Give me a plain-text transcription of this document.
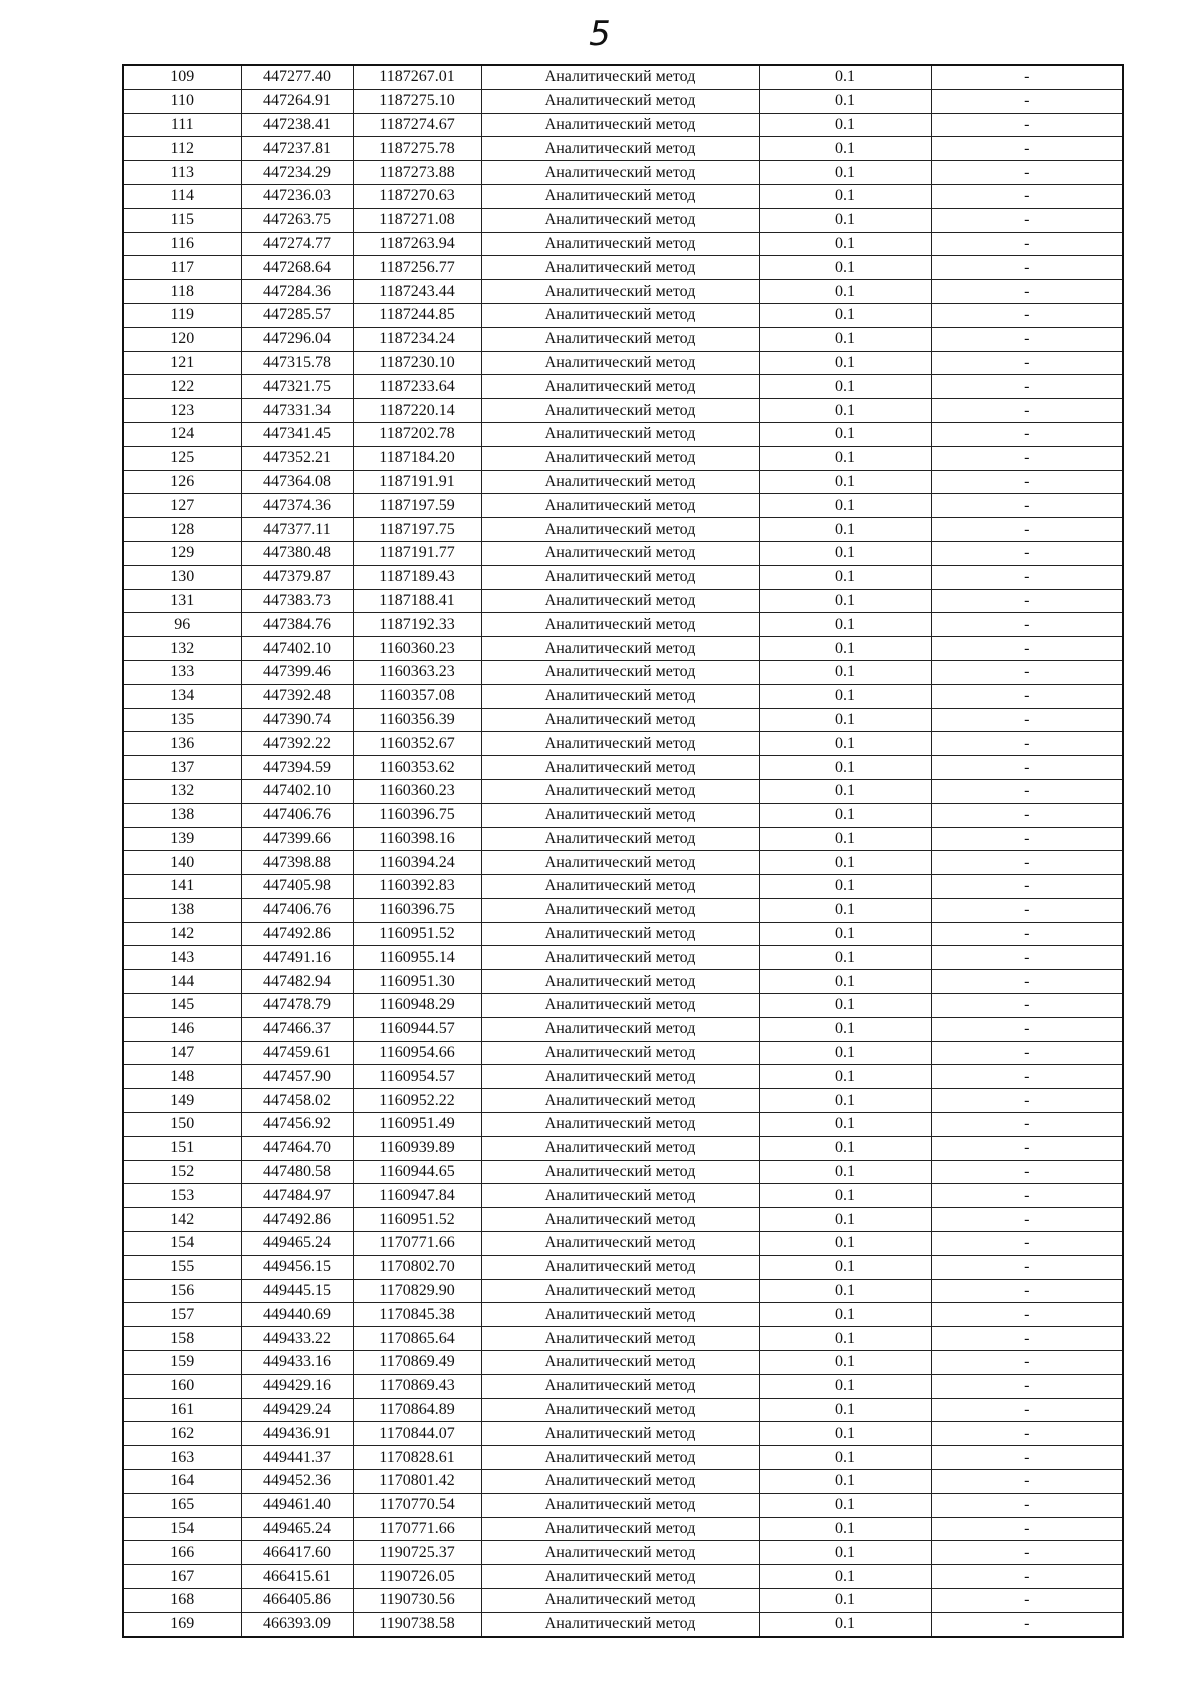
5
109	447277.40	1187267.01	Аналитический метод	0.1	-
110	447264.91	1187275.10	Аналитический метод	0.1	-
111	447238.41	1187274.67	Аналитический метод	0.1	-
112	447237.81	1187275.78	Аналитический метод	0.1	-
113	447234.29	1187273.88	Аналитический метод	0.1	-
114	447236.03	1187270.63	Аналитический метод	0.1	-
115	447263.75	1187271.08	Аналитический метод	0.1	-
116	447274.77	1187263.94	Аналитический метод	0.1	-
117	447268.64	1187256.77	Аналитический метод	0.1	-
118	447284.36	1187243.44	Аналитический метод	0.1	-
119	447285.57	1187244.85	Аналитический метод	0.1	-
120	447296.04	1187234.24	Аналитический метод	0.1	-
121	447315.78	1187230.10	Аналитический метод	0.1	-
122	447321.75	1187233.64	Аналитический метод	0.1	-
123	447331.34	1187220.14	Аналитический метод	0.1	-
124	447341.45	1187202.78	Аналитический метод	0.1	-
125	447352.21	1187184.20	Аналитический метод	0.1	-
126	447364.08	1187191.91	Аналитический метод	0.1	-
127	447374.36	1187197.59	Аналитический метод	0.1	-
128	447377.11	1187197.75	Аналитический метод	0.1	-
129	447380.48	1187191.77	Аналитический метод	0.1	-
130	447379.87	1187189.43	Аналитический метод	0.1	-
131	447383.73	1187188.41	Аналитический метод	0.1	-
96	447384.76	1187192.33	Аналитический метод	0.1	-
132	447402.10	1160360.23	Аналитический метод	0.1	-
133	447399.46	1160363.23	Аналитический метод	0.1	-
134	447392.48	1160357.08	Аналитический метод	0.1	-
135	447390.74	1160356.39	Аналитический метод	0.1	-
136	447392.22	1160352.67	Аналитический метод	0.1	-
137	447394.59	1160353.62	Аналитический метод	0.1	-
132	447402.10	1160360.23	Аналитический метод	0.1	-
138	447406.76	1160396.75	Аналитический метод	0.1	-
139	447399.66	1160398.16	Аналитический метод	0.1	-
140	447398.88	1160394.24	Аналитический метод	0.1	-
141	447405.98	1160392.83	Аналитический метод	0.1	-
138	447406.76	1160396.75	Аналитический метод	0.1	-
142	447492.86	1160951.52	Аналитический метод	0.1	-
143	447491.16	1160955.14	Аналитический метод	0.1	-
144	447482.94	1160951.30	Аналитический метод	0.1	-
145	447478.79	1160948.29	Аналитический метод	0.1	-
146	447466.37	1160944.57	Аналитический метод	0.1	-
147	447459.61	1160954.66	Аналитический метод	0.1	-
148	447457.90	1160954.57	Аналитический метод	0.1	-
149	447458.02	1160952.22	Аналитический метод	0.1	-
150	447456.92	1160951.49	Аналитический метод	0.1	-
151	447464.70	1160939.89	Аналитический метод	0.1	-
152	447480.58	1160944.65	Аналитический метод	0.1	-
153	447484.97	1160947.84	Аналитический метод	0.1	-
142	447492.86	1160951.52	Аналитический метод	0.1	-
154	449465.24	1170771.66	Аналитический метод	0.1	-
155	449456.15	1170802.70	Аналитический метод	0.1	-
156	449445.15	1170829.90	Аналитический метод	0.1	-
157	449440.69	1170845.38	Аналитический метод	0.1	-
158	449433.22	1170865.64	Аналитический метод	0.1	-
159	449433.16	1170869.49	Аналитический метод	0.1	-
160	449429.16	1170869.43	Аналитический метод	0.1	-
161	449429.24	1170864.89	Аналитический метод	0.1	-
162	449436.91	1170844.07	Аналитический метод	0.1	-
163	449441.37	1170828.61	Аналитический метод	0.1	-
164	449452.36	1170801.42	Аналитический метод	0.1	-
165	449461.40	1170770.54	Аналитический метод	0.1	-
154	449465.24	1170771.66	Аналитический метод	0.1	-
166	466417.60	1190725.37	Аналитический метод	0.1	-
167	466415.61	1190726.05	Аналитический метод	0.1	-
168	466405.86	1190730.56	Аналитический метод	0.1	-
169	466393.09	1190738.58	Аналитический метод	0.1	-
